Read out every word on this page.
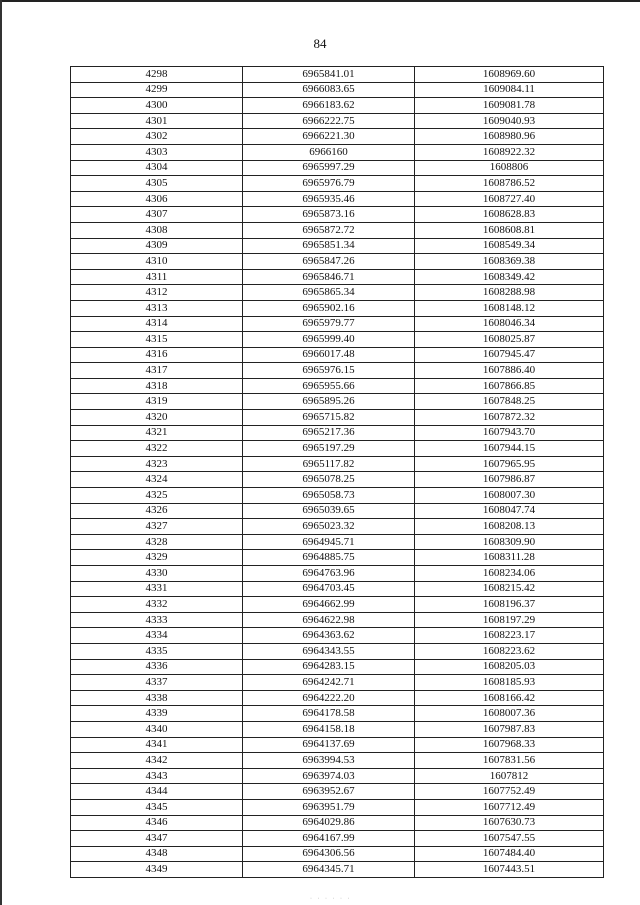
84
4298	6965841.01	1608969.60
4299	6966083.65	1609084.11
4300	6966183.62	1609081.78
4301	6966222.75	1609040.93
4302	6966221.30	1608980.96
4303	6966160	1608922.32
4304	6965997.29	1608806
4305	6965976.79	1608786.52
4306	6965935.46	1608727.40
4307	6965873.16	1608628.83
4308	6965872.72	1608608.81
4309	6965851.34	1608549.34
4310	6965847.26	1608369.38
4311	6965846.71	1608349.42
4312	6965865.34	1608288.98
4313	6965902.16	1608148.12
4314	6965979.77	1608046.34
4315	6965999.40	1608025.87
4316	6966017.48	1607945.47
4317	6965976.15	1607886.40
4318	6965955.66	1607866.85
4319	6965895.26	1607848.25
4320	6965715.82	1607872.32
4321	6965217.36	1607943.70
4322	6965197.29	1607944.15
4323	6965117.82	1607965.95
4324	6965078.25	1607986.87
4325	6965058.73	1608007.30
4326	6965039.65	1608047.74
4327	6965023.32	1608208.13
4328	6964945.71	1608309.90
4329	6964885.75	1608311.28
4330	6964763.96	1608234.06
4331	6964703.45	1608215.42
4332	6964662.99	1608196.37
4333	6964622.98	1608197.29
4334	6964363.62	1608223.17
4335	6964343.55	1608223.62
4336	6964283.15	1608205.03
4337	6964242.71	1608185.93
4338	6964222.20	1608166.42
4339	6964178.58	1608007.36
4340	6964158.18	1607987.83
4341	6964137.69	1607968.33
4342	6963994.53	1607831.56
4343	6963974.03	1607812
4344	6963952.67	1607752.49
4345	6963951.79	1607712.49
4346	6964029.86	1607630.73
4347	6964167.99	1607547.55
4348	6964306.56	1607484.40
4349	6964345.71	1607443.51
· · · · · ·
